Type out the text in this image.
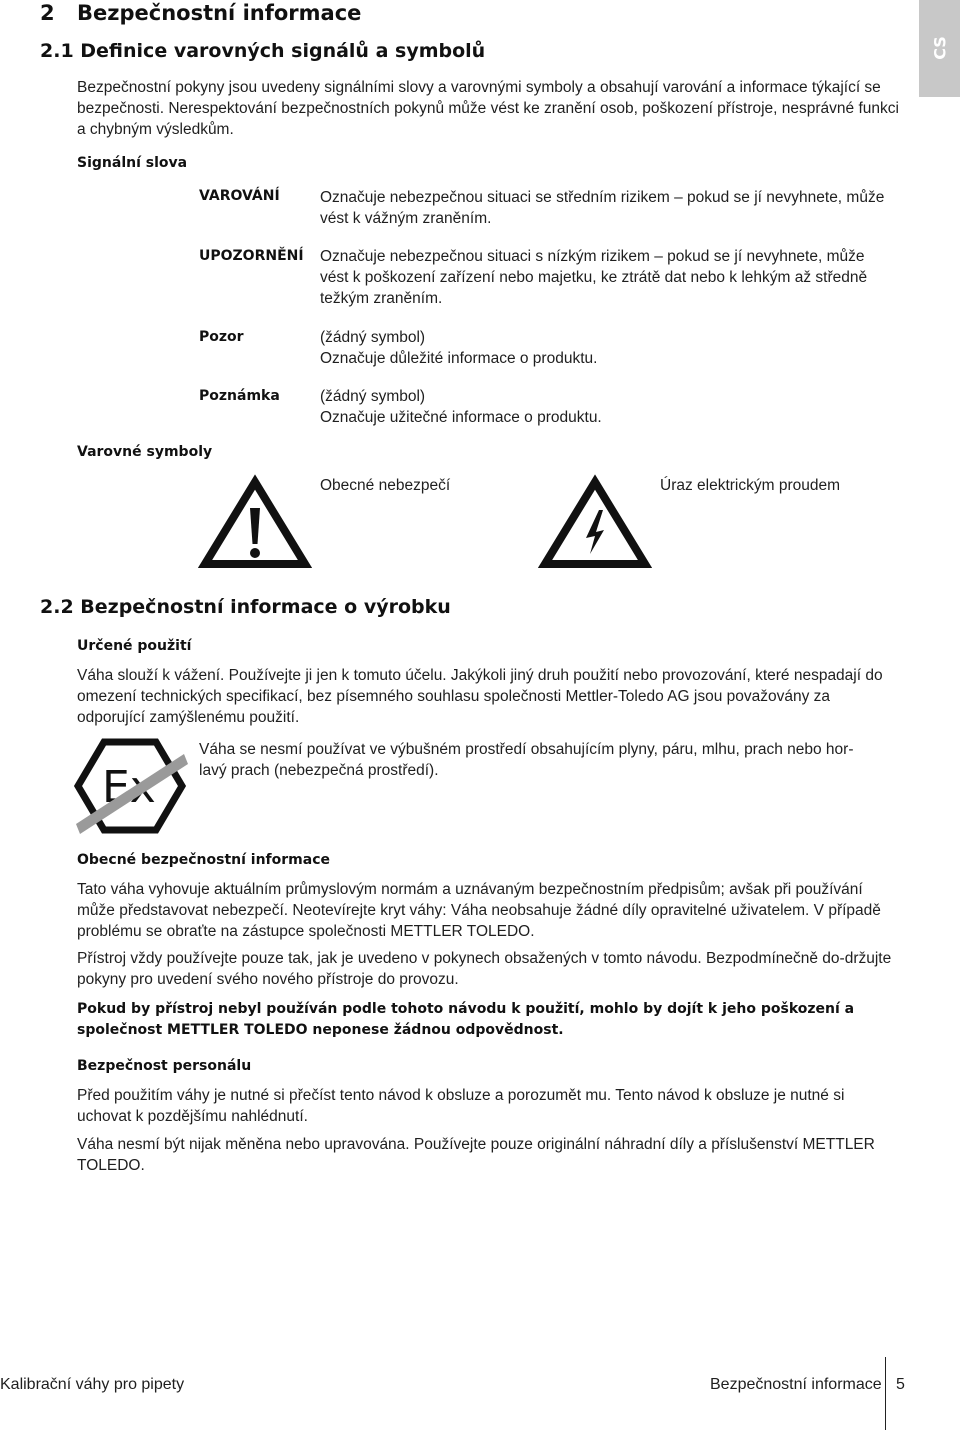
CS
2 Bezpečnostní informace
2.1 Definice varovných signálů a symbolů
Bezpečnostní pokyny jsou uvedeny signálními slovy a varovnými symboly a obsahují varování a informace týkající se bezpečnosti. Nerespektování bezpečnostních pokynů může vést ke zranění osob, poškození přístroje, nesprávné funkci a chybným výsledkům.
Signální slova
VAROVÁNÍ	Označuje nebezpečnou situaci se středním rizikem – pokud se jí nevyhnete, může vést k vážným zraněním.
UPOZORNĚNÍ Označuje nebezpečnou situaci s nízkým rizikem – pokud se jí nevyhnete, může vést k poškození zařízení nebo majetku, ke ztrátě dat nebo k lehkým až středně težkým zraněním.
Pozor	(žádný symbol)
Označuje důležité informace o produktu.
Poznámka	(žádný symbol)
Označuje užitečné informace o produktu.
Varovné symboly
Obecné nebezpečí	Úraz elektrickým proudem
2.2 Bezpečnostní informace o výrobku
Určené použití
Váha slouží k vážení. Používejte ji jen k tomuto účelu. Jakýkoli jiný druh použití nebo provozování, které nespadají do omezení technických specifikací, bez písemného souhlasu společnosti Mettler-Toledo AG jsou považovány za odporující zamýšlenému použití.
Ex
Váha se nesmí používat ve výbušném prostředí obsahujícím plyny, páru, mlhu, prach nebo hor-lavý prach (nebezpečná prostředí).
Obecné bezpečnostní informace
Tato váha vyhovuje aktuálním průmyslovým normám a uznávaným bezpečnostním předpisům; avšak při používání může představovat nebezpečí. Neotevírejte kryt váhy: Váha neobsahuje žádné díly opravitelné uživatelem. V případě problému se obraťte na zástupce společnosti METTLER TOLEDO.
Přístroj vždy používejte pouze tak, jak je uvedeno v pokynech obsažených v tomto návodu. Bezpodmínečně do-držujte pokyny pro uvedení svého nového přístroje do provozu.
Pokud by přístroj nebyl používán podle tohoto návodu k použití, mohlo by dojít k jeho poškození a společnost METTLER TOLEDO neponese žádnou odpovědnost.
Bezpečnost personálu
Před použitím váhy je nutné si přečíst tento návod k obsluze a porozumět mu. Tento návod k obsluze je nutné si uchovat k pozdějšímu nahlédnutí.
Váha nesmí být nijak měněna nebo upravována. Používejte pouze originální náhradní díly a příslušenství METTLER TOLEDO.
Kalibrační váhy pro pipety	Bezpečnostní informace 5
